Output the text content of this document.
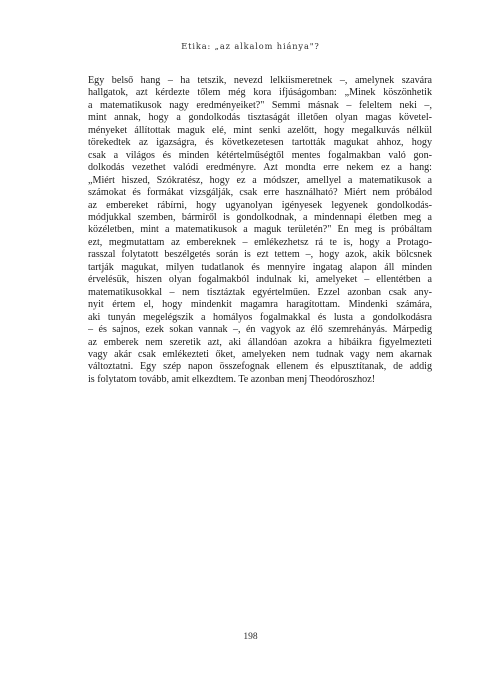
Etika: „az alkalom hiánya"?
Egy belső hang – ha tetszik, nevezd lelkiismeretnek –, amelynek szavára
hallgatok, azt kérdezte tőlem még kora ifjúságomban: „Minek köszönhetik
a matematikusok nagy eredményeiket?" Semmi másnak – feleltem neki –,
mint annak, hogy a gondolkodás tisztaságát illetően olyan magas követel-
ményeket állítottak maguk elé, mint senki azelőtt, hogy megalkuvás nélkül
törekedtek az igazságra, és következetesen tartották magukat ahhoz, hogy
csak a világos és minden kétértelműségtől mentes fogalmakban való gon-
dolkodás vezethet valódi eredményre. Azt mondta erre nekem ez a hang:
„Miért hiszed, Szókratész, hogy ez a módszer, amellyel a matematikusok a
számokat és formákat vizsgálják, csak erre használható? Miért nem próbálod
az embereket rábírni, hogy ugyanolyan igényesek legyenek gondolkodás-
módjukkal szemben, bármiről is gondolkodnak, a mindennapi életben meg a
közéletben, mint a matematikusok a maguk területén?" Én meg is próbáltam
ezt, megmutattam az embereknek – emlékezhetsz rá te is, hogy a Protago-
rasszal folytatott beszélgetés során is ezt tettem –, hogy azok, akik bölcsnek
tartják magukat, milyen tudatlanok és mennyire ingatag alapon áll minden
érvelésük, hiszen olyan fogalmakból indulnak ki, amelyeket – ellentétben a
matematikusokkal – nem tisztáztak egyértelműen. Ezzel azonban csak any-
nyit értem el, hogy mindenkit magamra haragítottam. Mindenki számára,
aki tunyán megelégszik a homályos fogalmakkal és lusta a gondolkodásra
– és sajnos, ezek sokan vannak –, én vagyok az élő szemrehányás. Márpedig
az emberek nem szeretik azt, aki állandóan azokra a hibáikra figyelmezteti
vagy akár csak emlékezteti őket, amelyeken nem tudnak vagy nem akarnak
változtatni. Egy szép napon összefognak ellenem és elpusztítanak, de addig
is folytatom tovább, amit elkezdtem. Te azonban menj Theodóroszhoz!
198
